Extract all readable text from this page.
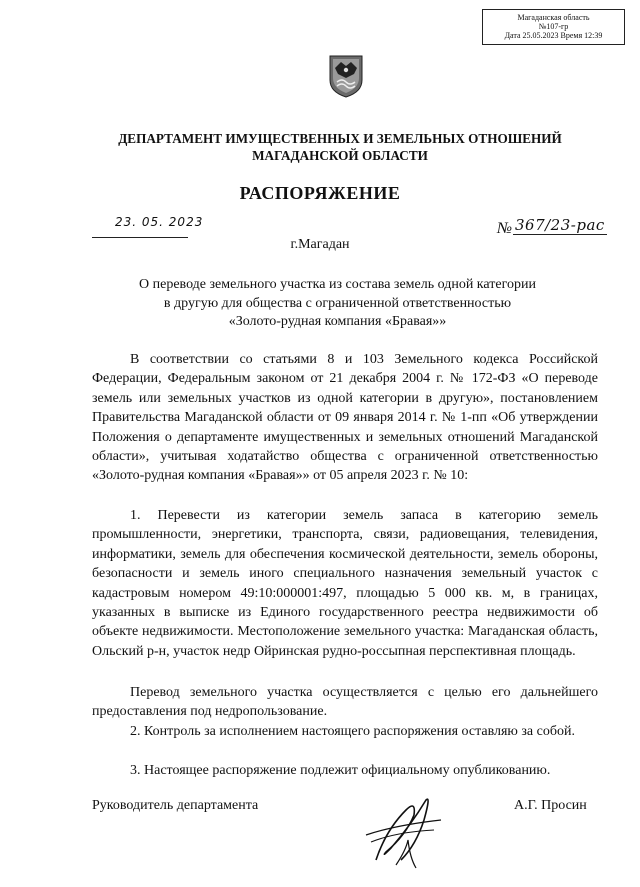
Магаданская область
№107-гр
Дата 25.05.2023 Время 12:39
ДЕПАРТАМЕНТ ИМУЩЕСТВЕННЫХ И ЗЕМЕЛЬНЫХ ОТНОШЕНИЙ
МАГАДАНСКОЙ ОБЛАСТИ
РАСПОРЯЖЕНИЕ
23. 05. 2023	№ 367/23-рас
г.Магадан
О переводе земельного участка из состава земель одной категории
в другую для общества с ограниченной ответственностью
«Золото-рудная компания «Бравая»»

В соответствии со статьями 8 и 103 Земельного кодекса Российской Федерации, Федеральным законом от 21 декабря 2004 г. № 172-ФЗ «О переводе земель или земельных участков из одной категории в другую», постановлением Правительства Магаданской области от 09 января 2014 г. № 1-пп «Об утверждении Положения о департаменте имущественных и земельных отношений Магаданской области», учитывая ходатайство общества с ограниченной ответственностью «Золото-рудная компания «Бравая»» от 05 апреля 2023 г. № 10:

1. Перевести из категории земель запаса в категорию земель промышленности, энергетики, транспорта, связи, радиовещания, телевидения, информатики, земель для обеспечения космической деятельности, земель обороны, безопасности и земель иного специального назначения земельный участок с кадастровым номером 49:10:000001:497, площадью 5 000 кв. м, в границах, указанных в выписке из Единого государственного реестра недвижимости об объекте недвижимости. Местоположение земельного участка: Магаданская область, Ольский р-н, участок недр Ойринская рудно-россыпная перспективная площадь.

Перевод земельного участка осуществляется с целью его дальнейшего предоставления под недропользование.

2. Контроль за исполнением настоящего распоряжения оставляю за собой.

3. Настоящее распоряжение подлежит официальному опубликованию.

Руководитель департамента	А.Г. Просин
